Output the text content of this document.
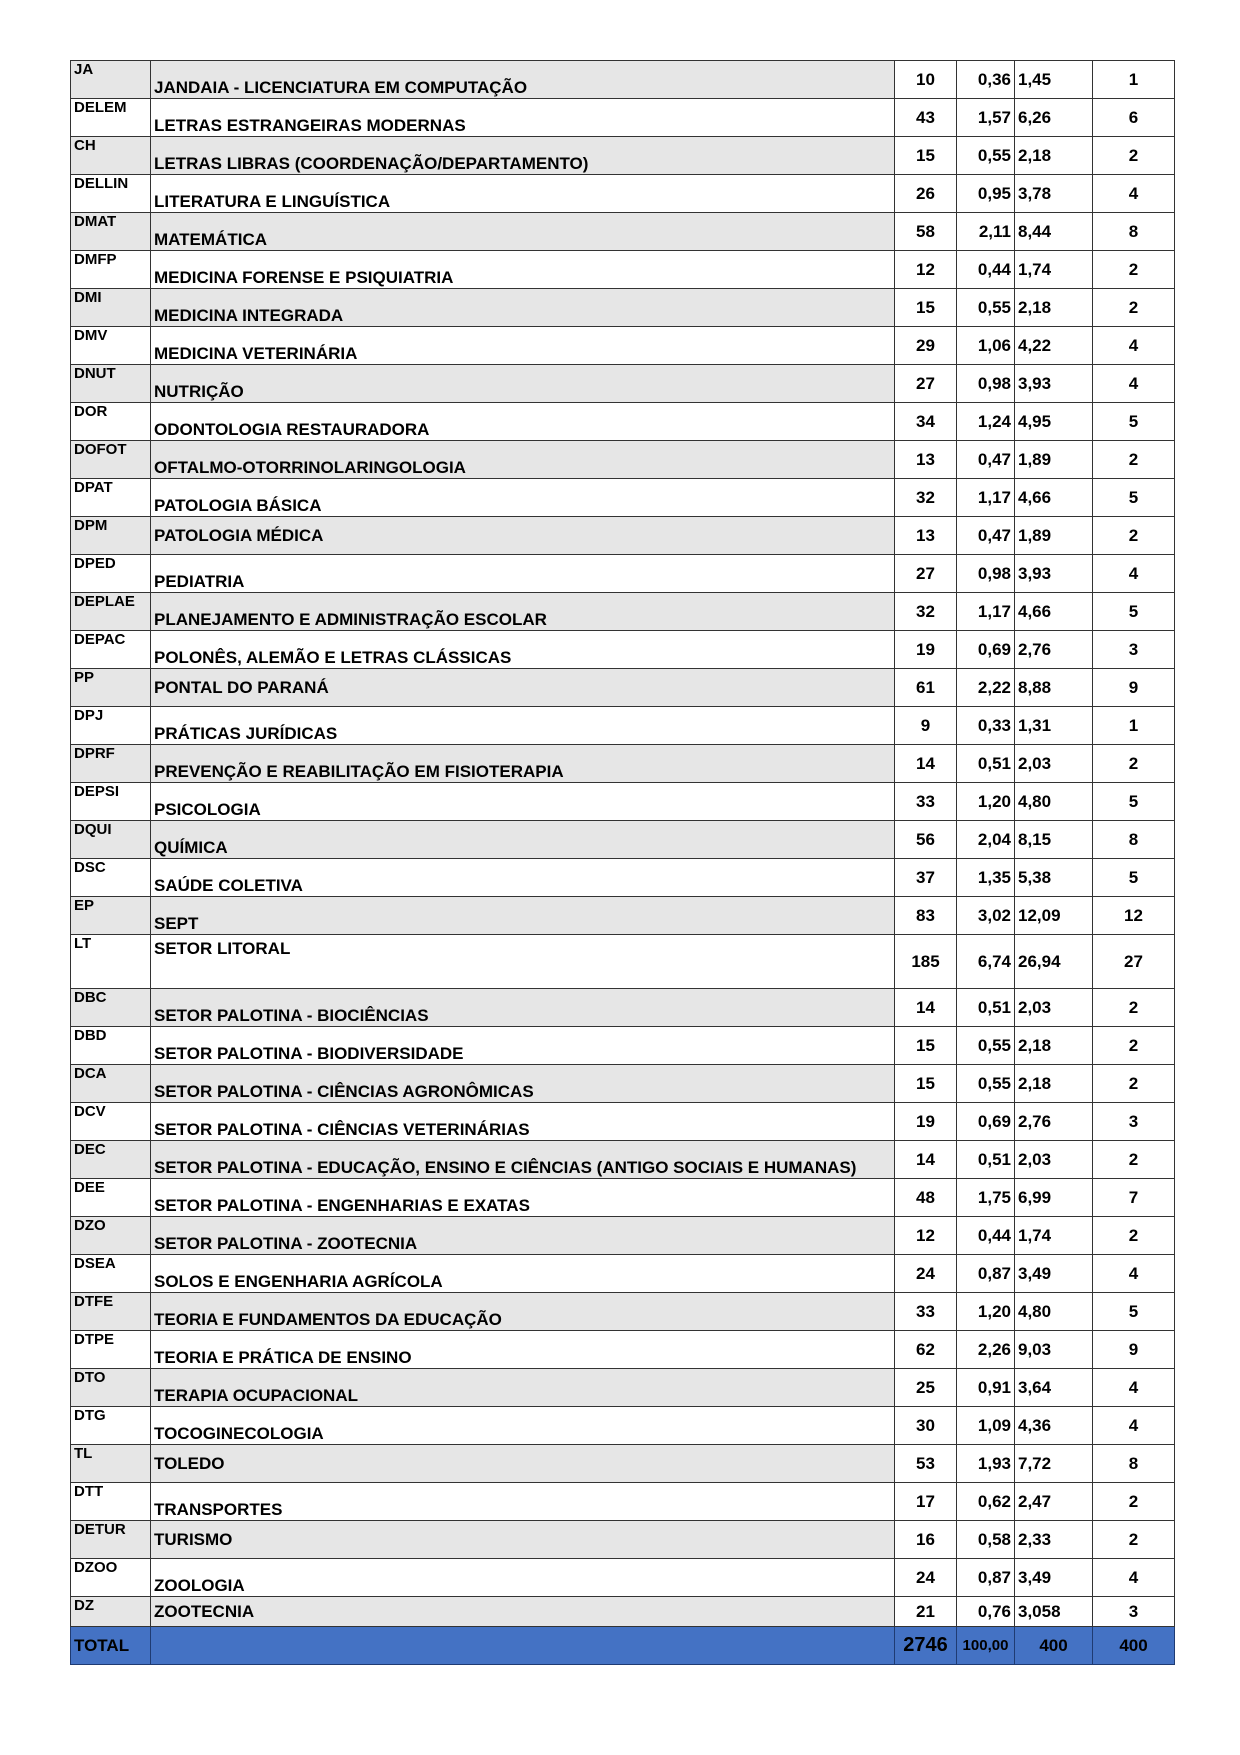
JA	JANDAIA - LICENCIATURA EM COMPUTAÇÃO	10	0,36	1,45	1
DELEM	LETRAS ESTRANGEIRAS MODERNAS	43	1,57	6,26	6
CH	LETRAS LIBRAS (COORDENAÇÃO/DEPARTAMENTO)	15	0,55	2,18	2
DELLIN	LITERATURA E LINGUÍSTICA	26	0,95	3,78	4
DMAT	MATEMÁTICA	58	2,11	8,44	8
DMFP	MEDICINA FORENSE E PSIQUIATRIA	12	0,44	1,74	2
DMI	MEDICINA INTEGRADA	15	0,55	2,18	2
DMV	MEDICINA VETERINÁRIA	29	1,06	4,22	4
DNUT	NUTRIÇÃO	27	0,98	3,93	4
DOR	ODONTOLOGIA RESTAURADORA	34	1,24	4,95	5
DOFOT	OFTALMO-OTORRINOLARINGOLOGIA	13	0,47	1,89	2
DPAT	PATOLOGIA BÁSICA	32	1,17	4,66	5
DPM	PATOLOGIA MÉDICA	13	0,47	1,89	2
DPED	PEDIATRIA	27	0,98	3,93	4
DEPLAE	PLANEJAMENTO E ADMINISTRAÇÃO ESCOLAR	32	1,17	4,66	5
DEPAC	POLONÊS, ALEMÃO E LETRAS CLÁSSICAS	19	0,69	2,76	3
PP	PONTAL DO PARANÁ	61	2,22	8,88	9
DPJ	PRÁTICAS JURÍDICAS	9	0,33	1,31	1
DPRF	PREVENÇÃO E REABILITAÇÃO EM FISIOTERAPIA	14	0,51	2,03	2
DEPSI	PSICOLOGIA	33	1,20	4,80	5
DQUI	QUÍMICA	56	2,04	8,15	8
DSC	SAÚDE COLETIVA	37	1,35	5,38	5
EP	SEPT	83	3,02	12,09	12
LT	SETOR LITORAL	185	6,74	26,94	27
DBC	SETOR PALOTINA - BIOCIÊNCIAS	14	0,51	2,03	2
DBD	SETOR PALOTINA - BIODIVERSIDADE	15	0,55	2,18	2
DCA	SETOR PALOTINA - CIÊNCIAS AGRONÔMICAS	15	0,55	2,18	2
DCV	SETOR PALOTINA - CIÊNCIAS VETERINÁRIAS	19	0,69	2,76	3
DEC	SETOR PALOTINA - EDUCAÇÃO, ENSINO E CIÊNCIAS (ANTIGO SOCIAIS E HUMANAS)	14	0,51	2,03	2
DEE	SETOR PALOTINA - ENGENHARIAS E EXATAS	48	1,75	6,99	7
DZO	SETOR PALOTINA - ZOOTECNIA	12	0,44	1,74	2
DSEA	SOLOS E ENGENHARIA AGRÍCOLA	24	0,87	3,49	4
DTFE	TEORIA E FUNDAMENTOS DA EDUCAÇÃO	33	1,20	4,80	5
DTPE	TEORIA E PRÁTICA DE ENSINO	62	2,26	9,03	9
DTO	TERAPIA OCUPACIONAL	25	0,91	3,64	4
DTG	TOCOGINECOLOGIA	30	1,09	4,36	4
TL	TOLEDO	53	1,93	7,72	8
DTT	TRANSPORTES	17	0,62	2,47	2
DETUR	TURISMO	16	0,58	2,33	2
DZOO	ZOOLOGIA	24	0,87	3,49	4
DZ	ZOOTECNIA	21	0,76	3,058	3
TOTAL		2746	100,00	400	400
